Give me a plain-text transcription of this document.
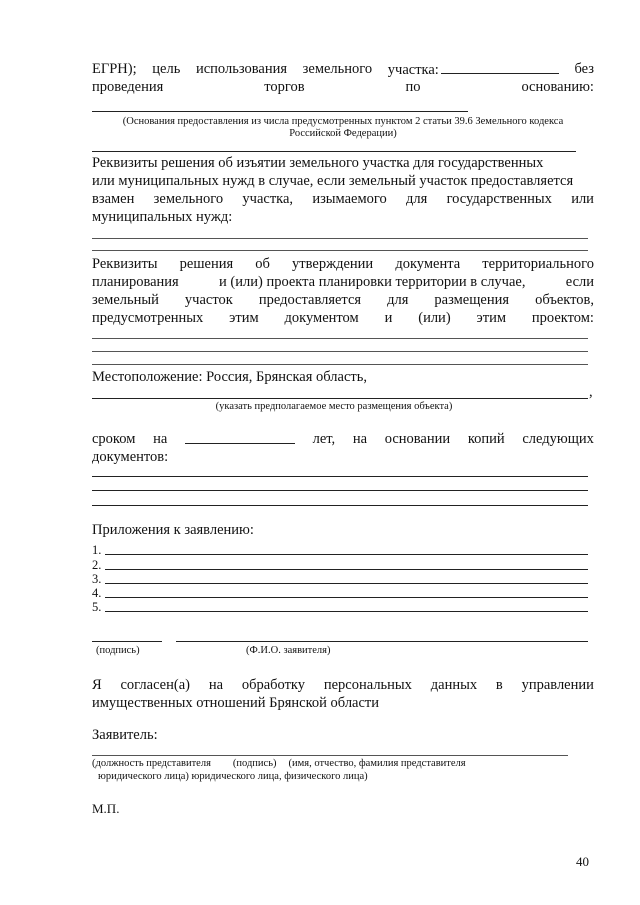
ЕГРН); цель использования земельного участка:	без
проведения	торгов	по	основанию:
(Основания предоставления из числа предусмотренных пунктом 2 статьи 39.6 Земельного кодекса
Российской Федерации)
Реквизиты решения об изъятии земельного участка для государственных
или муниципальных нужд в случае, если земельный участок предоставляется
взамен земельного участка, изымаемого для государственных или
муниципальных нужд:
Реквизиты решения об утверждении документа территориального
планирования	и (или) проекта планировки территории в случае,	если
земельный участок предоставляется для размещения объектов,
предусмотренных этим документом и (или) этим проектом:
Местоположение: Россия, Брянская область,
,
(указать предполагаемое место размещения объекта)
сроком на	лет, на основании копий следующих
документов:
Приложения к заявлению:
1.
2.
3.
4.
5.
(подпись)	(Ф.И.О. заявителя)
Я согласен(а) на обработку персональных данных в управлении
имущественных отношений Брянской области
Заявитель:
(должность представителя (подпись) (имя, отчество, фамилия представителя
юридического лица) юридического лица, физического лица)
М.П.
40
